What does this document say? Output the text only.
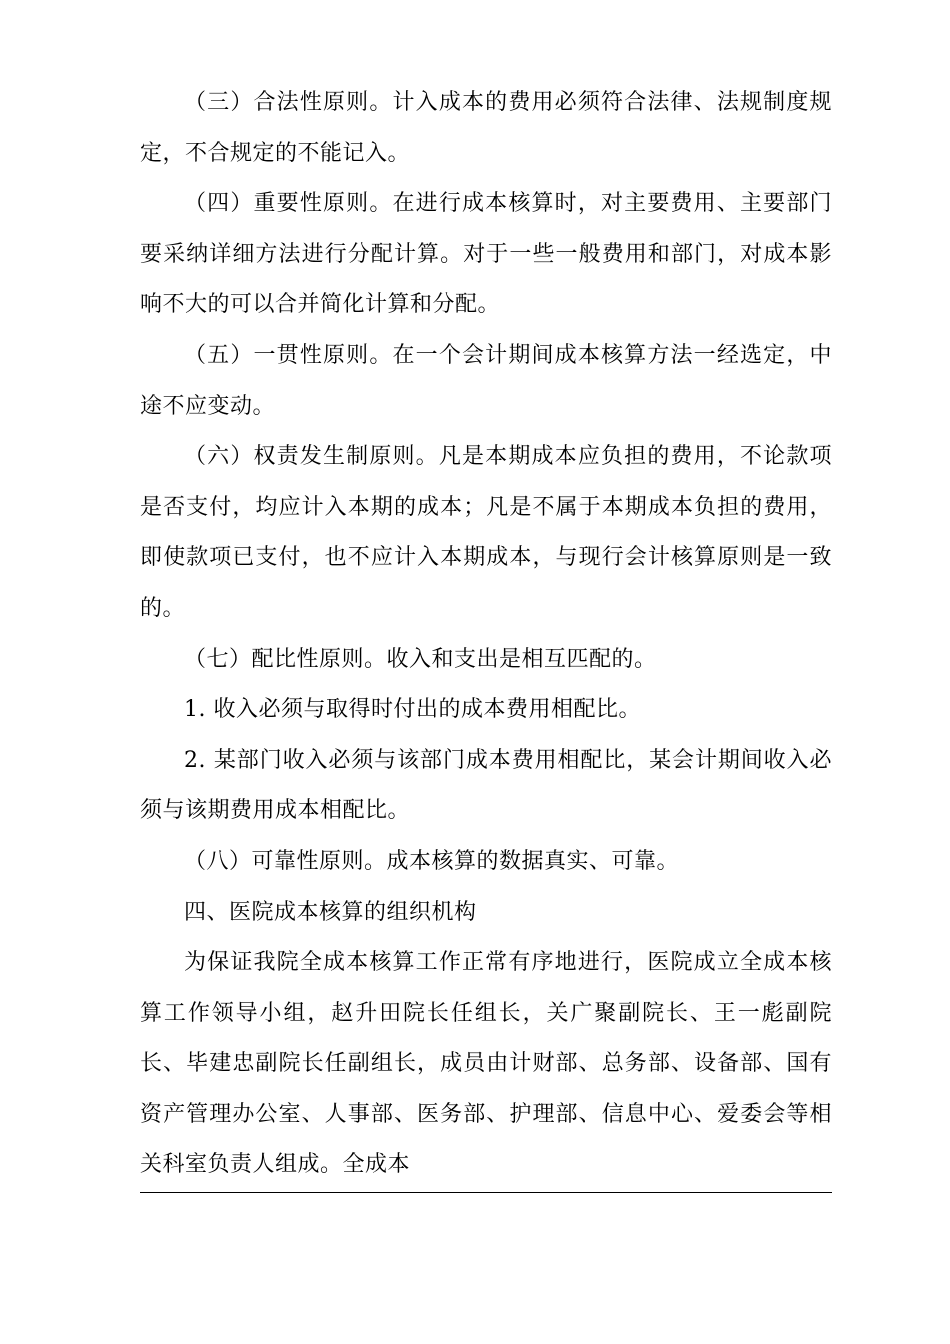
（三）合法性原则。计入成本的费用必须符合法律、法规制度规定，不合规定的不能记入。

（四）重要性原则。在进行成本核算时，对主要费用、主要部门要采纳详细方法进行分配计算。对于一些一般费用和部门，对成本影响不大的可以合并简化计算和分配。

（五）一贯性原则。在一个会计期间成本核算方法一经选定，中途不应变动。

（六）权责发生制原则。凡是本期成本应负担的费用，不论款项是否支付，均应计入本期的成本；凡是不属于本期成本负担的费用，即使款项已支付，也不应计入本期成本，与现行会计核算原则是一致的。

（七）配比性原则。收入和支出是相互匹配的。

1. 收入必须与取得时付出的成本费用相配比。

2. 某部门收入必须与该部门成本费用相配比，某会计期间收入必须与该期费用成本相配比。

（八）可靠性原则。成本核算的数据真实、可靠。

四、医院成本核算的组织机构

为保证我院全成本核算工作正常有序地进行，医院成立全成本核算工作领导小组，赵升田院长任组长，关广聚副院长、王一彪副院长、毕建忠副院长任副组长，成员由计财部、总务部、设备部、国有资产管理办公室、人事部、医务部、护理部、信息中心、爱委会等相关科室负责人组成。全成本
